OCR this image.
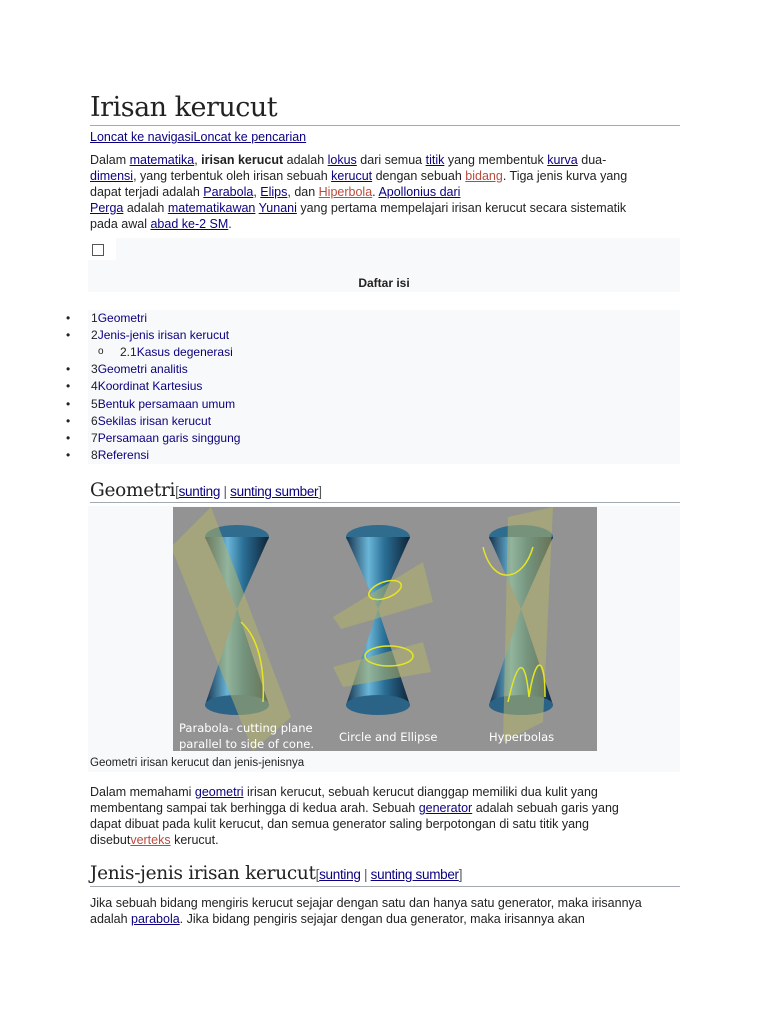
Irisan kerucut
Loncat ke navigasiLoncat ke pencarian
Dalam matematika, irisan kerucut adalah lokus dari semua titik yang membentuk kurva dua-
dimensi, yang terbentuk oleh irisan sebuah kerucut dengan sebuah bidang. Tiga jenis kurva yang
dapat terjadi adalah Parabola, Elips, dan Hiperbola. Apollonius dari
Perga adalah matematikawan Yunani yang pertama mempelajari irisan kerucut secara sistematik
pada awal abad ke-2 SM.
Daftar isi
• 1Geometri
• 2Jenis-jenis irisan kerucut
o 2.1Kasus degenerasi
• 3Geometri analitis
• 4Koordinat Kartesius
• 5Bentuk persamaan umum
• 6Sekilas irisan kerucut
• 7Persamaan garis singgung
• 8Referensi
Geometri[sunting | sunting sumber]
Parabola- cutting plane
parallel to side of cone. Circle and Ellipse	Hyperbolas
Geometri irisan kerucut dan jenis-jenisnya
Dalam memahami geometri irisan kerucut, sebuah kerucut dianggap memiliki dua kulit yang
membentang sampai tak berhingga di kedua arah. Sebuah generator adalah sebuah garis yang
dapat dibuat pada kulit kerucut, dan semua generator saling berpotongan di satu titik yang
disebutverteks kerucut.
Jenis-jenis irisan kerucut[sunting | sunting sumber]
Jika sebuah bidang mengiris kerucut sejajar dengan satu dan hanya satu generator, maka irisannya
adalah parabola. Jika bidang pengiris sejajar dengan dua generator, maka irisannya akan
